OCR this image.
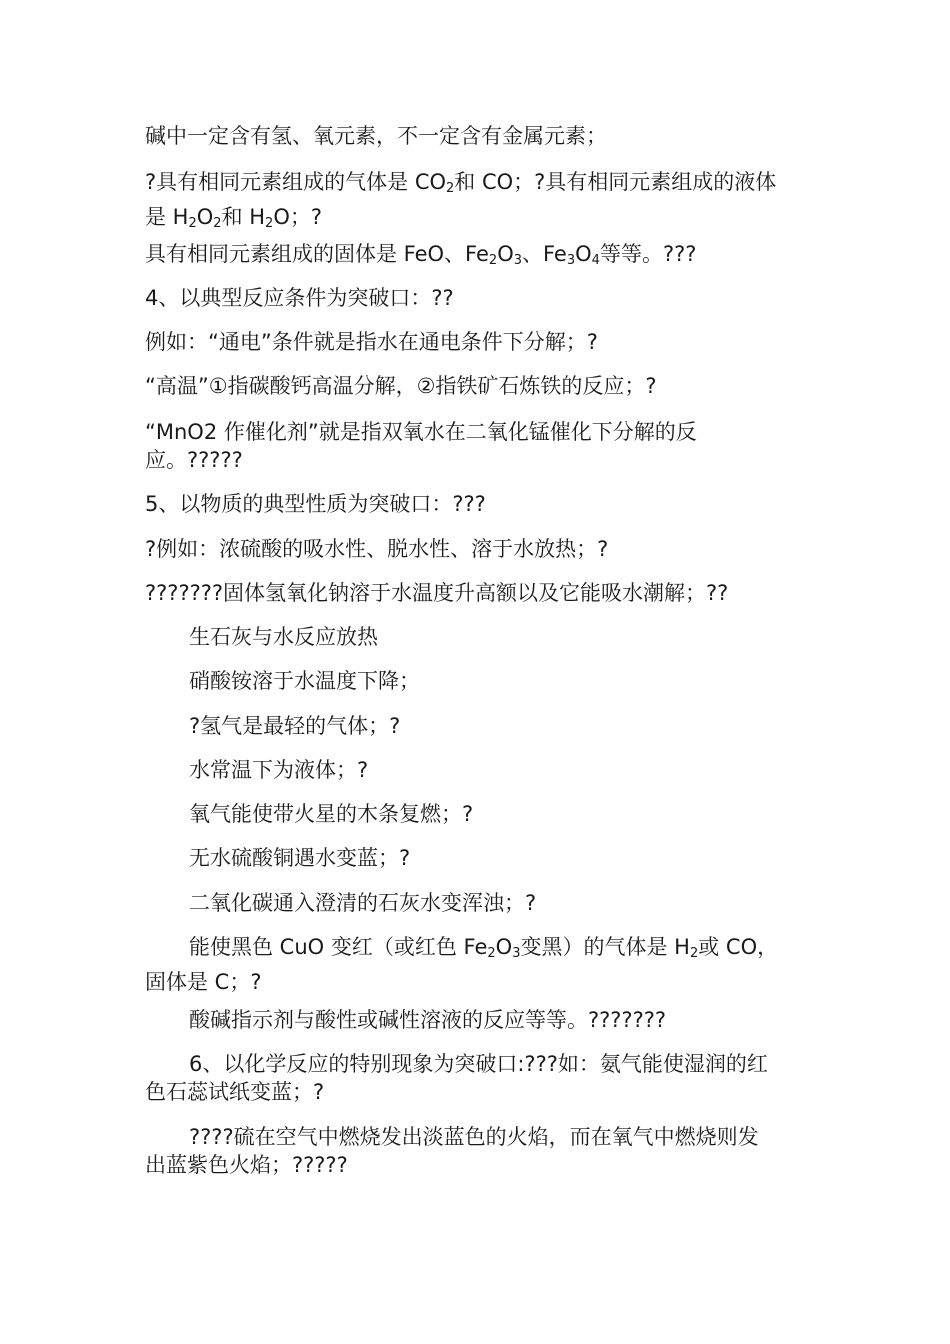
碱中一定含有氢、氧元素，不一定含有金属元素；

?具有相同元素组成的气体是 $CO_2$和 CO；?具有相同元素组成的液体
是 $H_2O_2$和 $H_2O$；?

具有相同元素组成的固体是 FeO、$Fe_2O_3$、$Fe_3O_4$等等。???

4、以典型反应条件为突破口：??

例如：“通电”条件就是指水在通电条件下分解；?

“高温”①指碳酸钙高温分解，②指铁矿石炼铁的反应；?

“MnO2 作催化剂”就是指双氧水在二氧化锰催化下分解的反
应。?????

5、以物质的典型性质为突破口：???

?例如：浓硫酸的吸水性、脱水性、溶于水放热；?

???????固体氢氧化钠溶于水温度升高额以及它能吸水潮解；??

生石灰与水反应放热

硝酸铵溶于水温度下降；

?氢气是最轻的气体；?

水常温下为液体；?

氧气能使带火星的木条复燃；?

无水硫酸铜遇水变蓝；?

二氧化碳通入澄清的石灰水变浑浊；?

能使黑色 CuO 变红（或红色 $Fe_2O_3$变黑）的气体是 $H_2$或 CO，
固体是 C；?

酸碱指示剂与酸性或碱性溶液的反应等等。???????

6、以化学反应的特别现象为突破口:???如：氨气能使湿润的红
色石蕊试纸变蓝；?

????硫在空气中燃烧发出淡蓝色的火焰，而在氧气中燃烧则发
出蓝紫色火焰；?????
